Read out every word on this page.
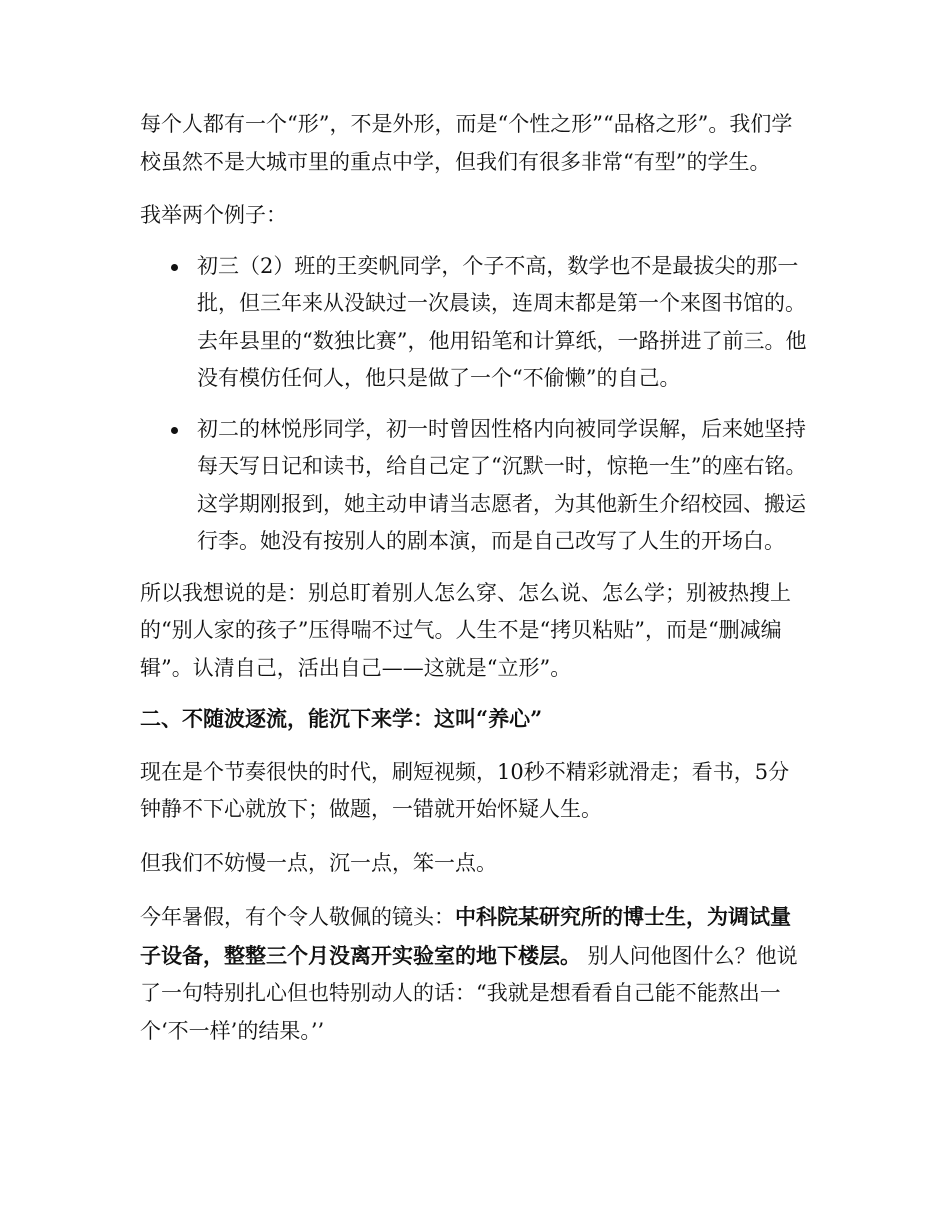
每个人都有一个“形”，不是外形，而是“个性之形”“品格之形”。我们学校虽然不是大城市里的重点中学，但我们有很多非常“有型”的学生。

我举两个例子：

初三（2）班的王奕帆同学，个子不高，数学也不是最拔尖的那一批，但三年来从没缺过一次晨读，连周末都是第一个来图书馆的。去年县里的“数独比赛”，他用铅笔和计算纸，一路拼进了前三。他没有模仿任何人，他只是做了一个“不偷懒”的自己。
初二的林悦彤同学，初一时曾因性格内向被同学误解，后来她坚持每天写日记和读书，给自己定了“沉默一时，惊艳一生”的座右铭。这学期刚报到，她主动申请当志愿者，为其他新生介绍校园、搬运行李。她没有按别人的剧本演，而是自己改写了人生的开场白。

所以我想说的是：别总盯着别人怎么穿、怎么说、怎么学；别被热搜上的“别人家的孩子”压得喘不过气。人生不是“拷贝粘贴”，而是“删减编辑”。认清自己，活出自己——这就是“立形”。

二、不随波逐流，能沉下来学：这叫“养心”

现在是个节奏很快的时代，刷短视频，10秒不精彩就滑走；看书，5分钟静不下心就放下；做题，一错就开始怀疑人生。

但我们不妨慢一点，沉一点，笨一点。

今年暑假，有个令人敬佩的镜头：中科院某研究所的博士生，为调试量子设备，整整三个月没离开实验室的地下楼层。 别人问他图什么？他说了一句特别扎心但也特别动人的话：“我就是想看看自己能不能熬出一个‘不一样’的结果。’’
